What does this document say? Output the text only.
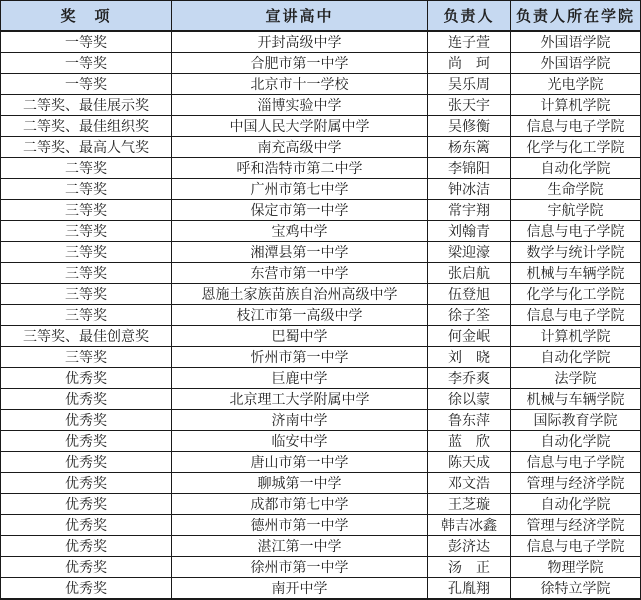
奖　项	宣讲高中	负责人	负责人所在学院
一等奖	开封高级中学	连子萱	外国语学院
一等奖	合肥市第一中学	尚　珂	外国语学院
一等奖	北京市十一学校	吴乐周	光电学院
二等奖、最佳展示奖	淄博实验中学	张天宇	计算机学院
二等奖、最佳组织奖	中国人民大学附属中学	吴修衡	信息与电子学院
二等奖、最高人气奖	南充高级中学	杨东篱	化学与化工学院
二等奖	呼和浩特市第二中学	李锦阳	自动化学院
二等奖	广州市第七中学	钟冰洁	生命学院
三等奖	保定市第一中学	常宇翔	宇航学院
三等奖	宝鸡中学	刘翰青	信息与电子学院
三等奖	湘潭县第一中学	梁迎濠	数学与统计学院
三等奖	东营市第一中学	张启航	机械与车辆学院
三等奖	恩施土家族苗族自治州高级中学	伍登旭	化学与化工学院
三等奖	枝江市第一高级中学	徐子筌	信息与电子学院
三等奖、最佳创意奖	巴蜀中学	何金岷	计算机学院
三等奖	忻州市第一中学	刘　晓	自动化学院
优秀奖	巨鹿中学	李乔爽	法学院
优秀奖	北京理工大学附属中学	徐以蒙	机械与车辆学院
优秀奖	济南中学	鲁东萍	国际教育学院
优秀奖	临安中学	蓝　欣	自动化学院
优秀奖	唐山市第一中学	陈天成	信息与电子学院
优秀奖	聊城第一中学	邓文浩	管理与经济学院
优秀奖	成都市第七中学	王芝璇	自动化学院
优秀奖	德州市第一中学	韩吉冰鑫	管理与经济学院
优秀奖	湛江第一中学	彭济达	信息与电子学院
优秀奖	徐州市第一中学	汤　正	物理学院
优秀奖	南开中学	孔胤翔	徐特立学院
